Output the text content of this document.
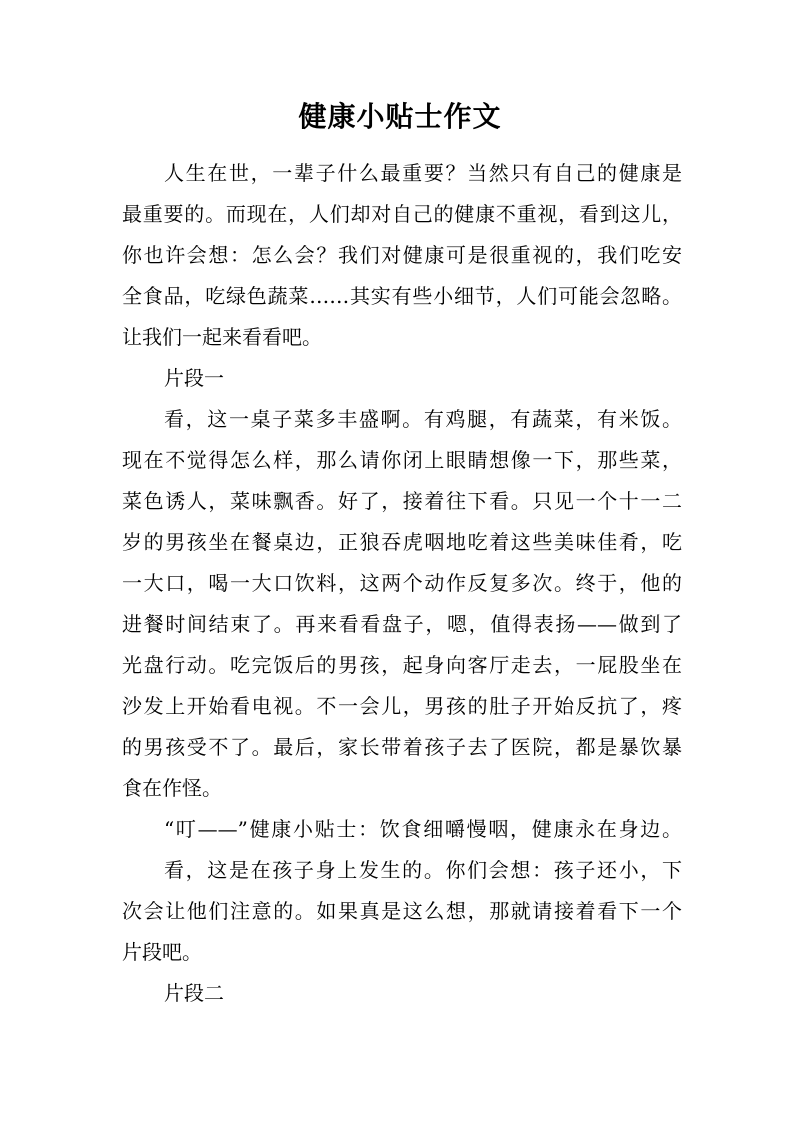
健康小贴士作文
人生在世，一辈子什么最重要？当然只有自己的健康是
最重要的。而现在，人们却对自己的健康不重视，看到这儿，
你也许会想：怎么会？我们对健康可是很重视的，我们吃安
全食品，吃绿色蔬菜……其实有些小细节，人们可能会忽略。
让我们一起来看看吧。
片段一
看，这一桌子菜多丰盛啊。有鸡腿，有蔬菜，有米饭。
现在不觉得怎么样，那么请你闭上眼睛想像一下，那些菜，
菜色诱人，菜味飘香。好了，接着往下看。只见一个十一二
岁的男孩坐在餐桌边，正狼吞虎咽地吃着这些美味佳肴，吃
一大口，喝一大口饮料，这两个动作反复多次。终于，他的
进餐时间结束了。再来看看盘子，嗯，值得表扬——做到了
光盘行动。吃完饭后的男孩，起身向客厅走去，一屁股坐在
沙发上开始看电视。不一会儿，男孩的肚子开始反抗了，疼
的男孩受不了。最后，家长带着孩子去了医院，都是暴饮暴
食在作怪。
“叮——”健康小贴士：饮食细嚼慢咽，健康永在身边。
看，这是在孩子身上发生的。你们会想：孩子还小，下
次会让他们注意的。如果真是这么想，那就请接着看下一个
片段吧。
片段二
